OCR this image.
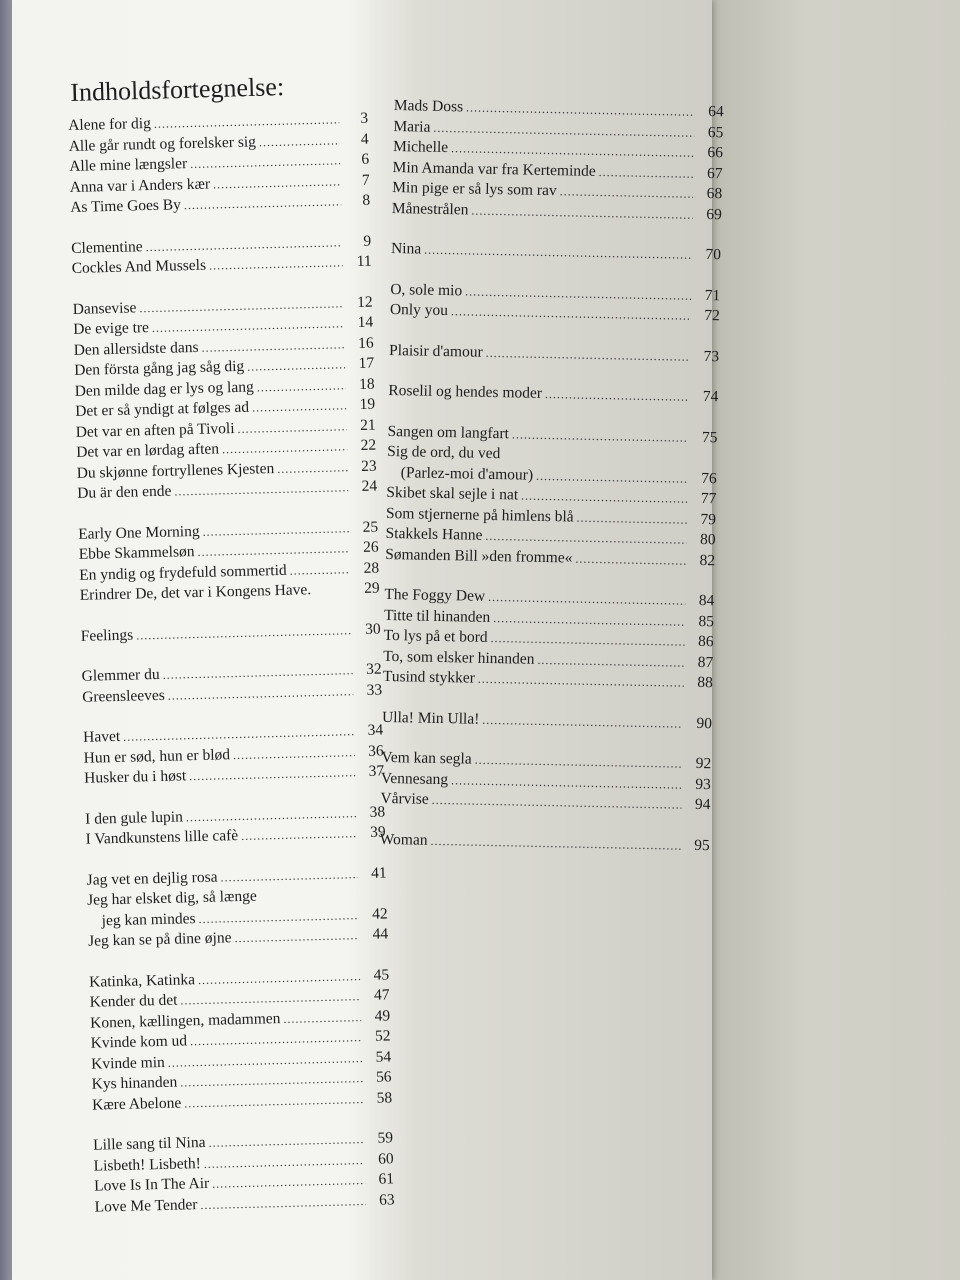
Indholdsfortegnelse:
Alene for dig .....	3
Alle går rundt og forelsker sig .....	4
Alle mine længsler .....	6
Anna var i Anders kær .....	7
As Time Goes By .....	8
Clementine .....	9
Cockles And Mussels .....	11
Dansevise .....	12
De evige tre .....	14
Den allersidste dans .....	16
Den första gång jag såg dig .....	17
Den milde dag er lys og lang .....	18
Det er så yndigt at følges ad .....	19
Det var en aften på Tivoli .....	21
Det var en lørdag aften .....	22
Du skjønne fortryllenes Kjesten .....	23
Du är den ende .....	24
Early One Morning .....	25
Ebbe Skammelsøn .....	26
En yndig og frydefuld sommertid .....	28
Erindrer De, det var i Kongens Have.	29
Feelings .....	30
Glemmer du .....	32
Greensleeves .....	33
Havet .....	34
Hun er sød, hun er blød .....	36
Husker du i høst .....	37
I den gule lupin .....	38
I Vandkunstens lille cafè .....	39
Jag vet en dejlig rosa .....	41
Jeg har elsket dig, så længe
jeg kan mindes .....	42
Jeg kan se på dine øjne .....	44
Katinka, Katinka .....	45
Kender du det .....	47
Konen, kællingen, madammen .....	49
Kvinde kom ud .....	52
Kvinde min .....	54
Kys hinanden .....	56
Kære Abelone .....	58
Lille sang til Nina .....	59
Lisbeth! Lisbeth! .....	60
Love Is In The Air .....	61
Love Me Tender .....	63
Mads Doss .....	64
Maria .....	65
Michelle .....	66
Min Amanda var fra Kerteminde .....	67
Min pige er så lys som rav .....	68
Månestrålen .....	69
Nina .....	70
O, sole mio .....	71
Only you .....	72
Plaisir d'amour .....	73
Roselil og hendes moder .....	74
Sangen om langfart .....	75
Sig de ord, du ved
(Parlez-moi d'amour) .....	76
Skibet skal sejle i nat .....	77
Som stjernerne på himlens blå .....	79
Stakkels Hanne .....	80
Sømanden Bill »den fromme« .....	82
The Foggy Dew .....	84
Titte til hinanden .....	85
To lys på et bord .....	86
To, som elsker hinanden .....	87
Tusind stykker .....	88
Ulla! Min Ulla! .....	90
Vem kan segla .....	92
Vennesang .....	93
Vårvise .....	94
Woman .....	95
